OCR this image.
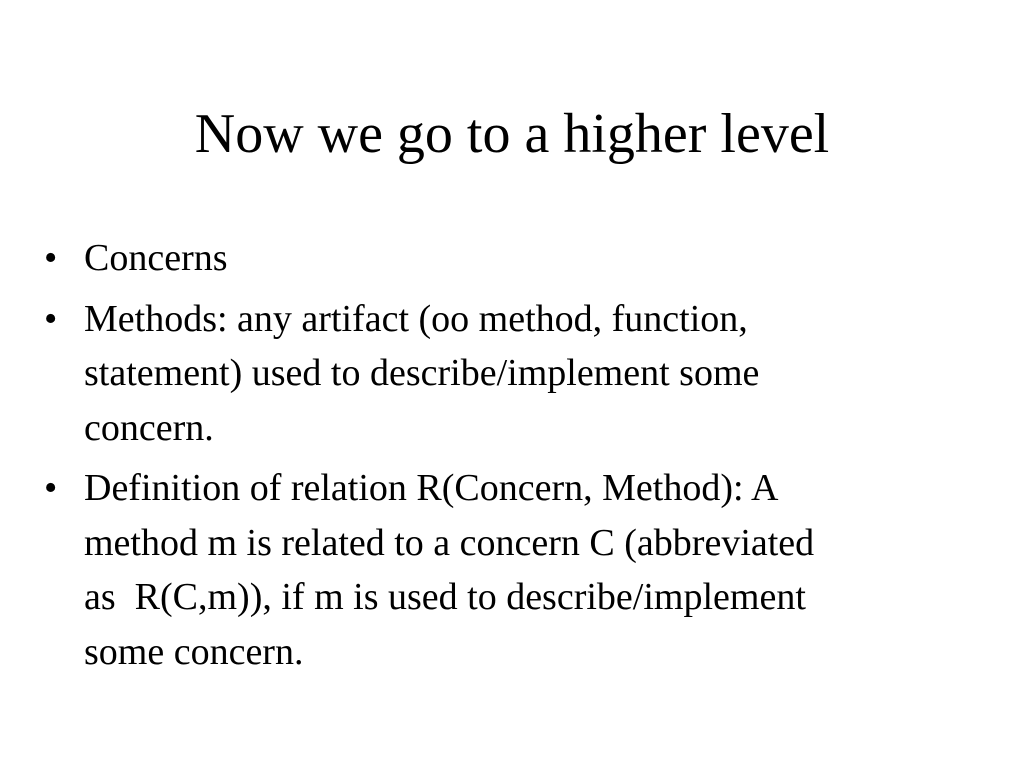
Now we go to a higher level
• Concerns
• Methods: any artifact (oo method, function,
statement) used to describe/implement some
concern.
• Definition of relation R(Concern, Method): A
method m is related to a concern C (abbreviated
as  R(C,m)), if m is used to describe/implement
some concern.
